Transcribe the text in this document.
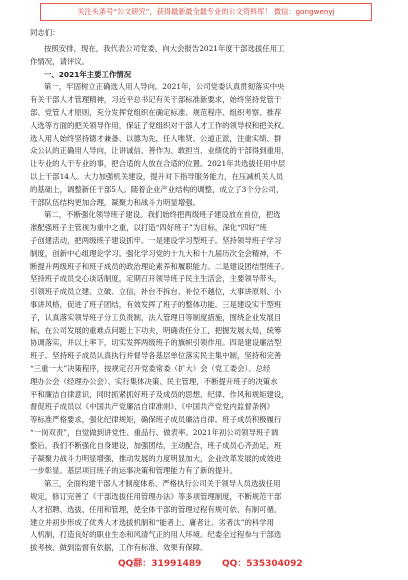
关注头条号“公文研究”，获得最新最全最专业的公文资料库！ 微信：gongwenyj
同志们：
按照安排，现在，我代表公司党委，向大会报告2021年度干部选拔任用工
作情况，请评议。
一、2021年主要工作情况
第一，牢固树立正确选人用人导向。2021年，公司党委认真贯彻落实中央
有关干部人才管理精神，习近平总书记有关干部标准新要求，始终坚持党管干
部、党管人才原则，充分发挥党组织在确定标准、规范程序、组织考察、推荐
人选等方面的把关领导作用，保证了党组织对干部人才工作的领导权和把关权。
选人用人始终坚持德才兼备、以德为先，任人唯贤、公道正派，注重实绩、群
众公认的正确用人导向，让讲诚信、善作为、敢担当、业绩优的干部得到重用，
让专业的人干专业的事，把合适的人放在合适的位置。2021年共选拔任用中层
以上干部14人。大力加强机关建设，提升对下指导服务能力，在压减机关人员
的基础上，调整新任干部5人。随着企业产业结构的调整，成立了3个分公司，
干部队伍结构更加合理，凝聚力和战斗力明显增强。
第二，不断强化领导班子建设。我们始终把两级班子建设放在首位，把选
准配强班子主管视为重中之重，以打造“四好班子”为目标，深化“四好”班
子创建活动，把两级班子建设抓牢。一是建设学习型班子。坚持领导班子学习
制度，创新中心组理论学习。强化学习党的十九大和十九届历次全会精神，不
断提升两级班子和班子成员的政治理论素养和履职能力。二是建设团结型班子。
坚持班子成员交心谈话制度，定期召开领导班子民主生活会，主要领导带头，
引领班子成员立建、立破、立信，补台不拆台、补位不越位，大事讲原则、小
事讲风格，促进了班子团结，有效发挥了班子的整体功能。三是建设实干型班
子，认真落实领导班子分工负责制，法人管理日等制度措施，围绕企业发展目
标，在公司发展的重难点问题上下功夫，明确责任分工，把握发展大局，统筹
协调落实，并以上率下，切实发挥两级班子的旗帜引领作用。四是建设廉洁型
班子。坚持班子成员认真执行并督导各基层单位落实民主集中制，坚持和完善
“三重一大”决策程序，按规定召开党委常委（扩大）会（党工委会）、总经
理办公会（经理办公会）、实行集体决策、民主管理，不断提升班子的决策水
平和廉洁自律意识，同时抓紧抓好班子及成员的思想、纪律、作风和规矩建设，
督促班子成员以《中国共产党廉洁自律准则》、《中国共产党党内监督条例》
等标准严格要求，强化纪律规矩，确保班子成员廉洁自律。班子成员积极履行
“一岗双责”，自觉做到讲党性、重品行、做表率。2021年初公司领导班子调
整后，我们不断强化自身建设，加强团结，主动配合，班子成员心齐劲足，班
子凝聚力战斗力明显增强，推动发展的力度明显加大，企业改革发展的成效进
一步彰显。基层项目班子的运事决策和管理能力有了新的提升。
第三，全面构建干部人才制度体系。严格执行公司关于领导人员选拔任用
规定，修订完善了《干部选拔任用管理办法》等多项管理制度，不断规范干部
人才招聘、选拔、任用和管理，使全体干部的管理过程有规可依、有制可循。
建立并初步形成了优秀人才选拔机制和“能者上、庸者让、劣者汰”的科学用
人机制，打造良好的职业生态和风清气正的用人环境。纪委全过程参与干部选
拔考核、做到监督有依据，工作有标准、效果有保障。
QQ群：31991489 QQ：535304092
